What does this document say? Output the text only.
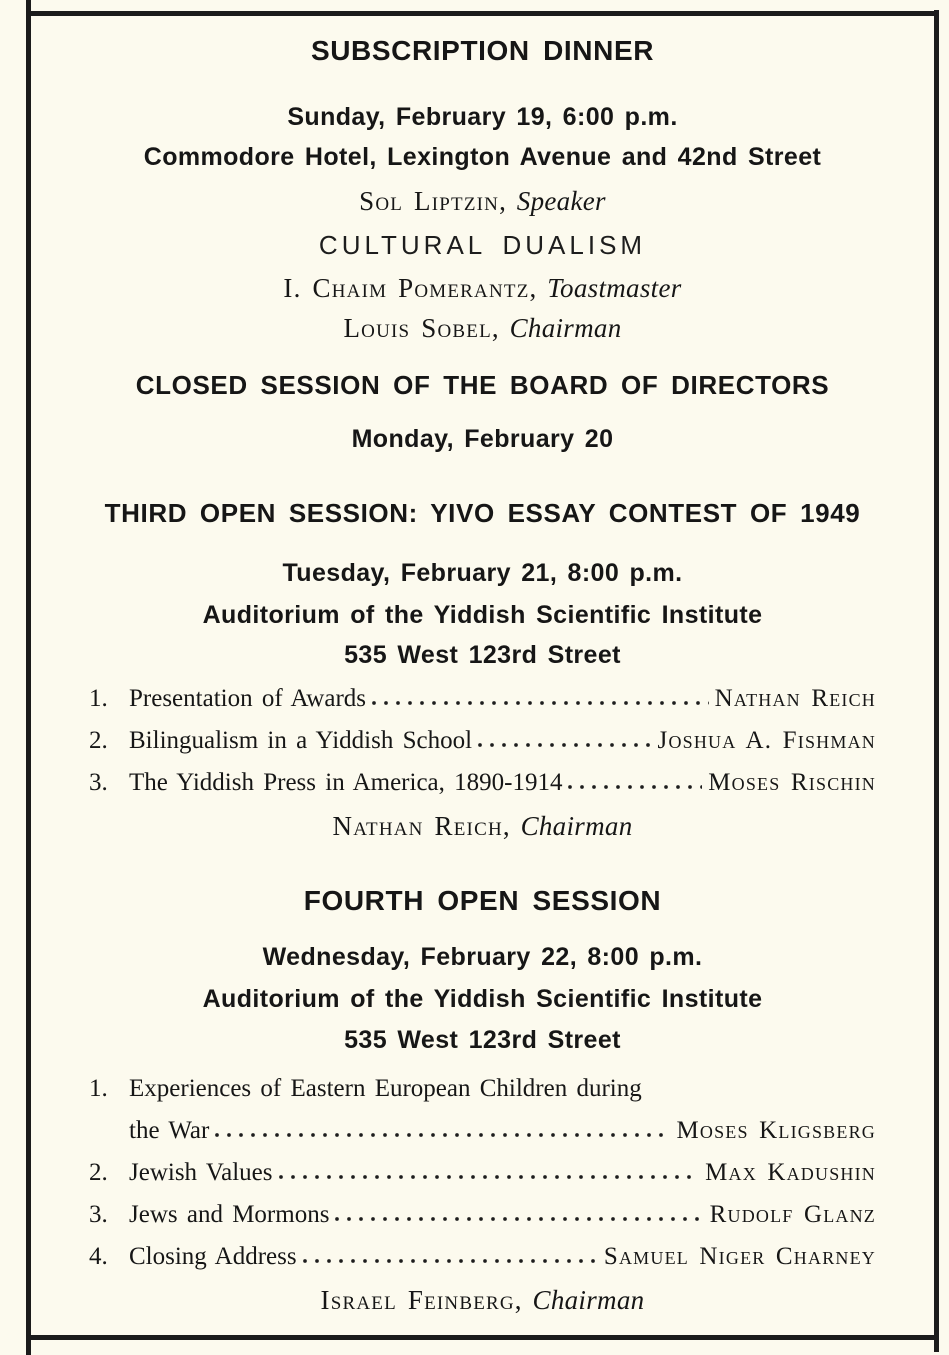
SUBSCRIPTION DINNER
Sunday, February 19, 6:00 p.m.
Commodore Hotel, Lexington Avenue and 42nd Street
Sol Liptzin, Speaker
CULTURAL DUALISM
I. Chaim Pomerantz, Toastmaster
Louis Sobel, Chairman
CLOSED SESSION OF THE BOARD OF DIRECTORS
Monday, February 20
THIRD OPEN SESSION: YIVO ESSAY CONTEST OF 1949
Tuesday, February 21, 8:00 p.m.
Auditorium of the Yiddish Scientific Institute
535 West 123rd Street
1. Presentation of Awards	Nathan Reich
2. Bilingualism in a Yiddish School	Joshua A. Fishman
3. The Yiddish Press in America, 1890-1914	Moses Rischin
Nathan Reich, Chairman
FOURTH OPEN SESSION
Wednesday, February 22, 8:00 p.m.
Auditorium of the Yiddish Scientific Institute
535 West 123rd Street
1. Experiences of Eastern European Children during
the War	Moses Kligsberg
2. Jewish Values	Max Kadushin
3. Jews and Mormons	Rudolf Glanz
4. Closing Address	Samuel Niger Charney
Israel Feinberg, Chairman
